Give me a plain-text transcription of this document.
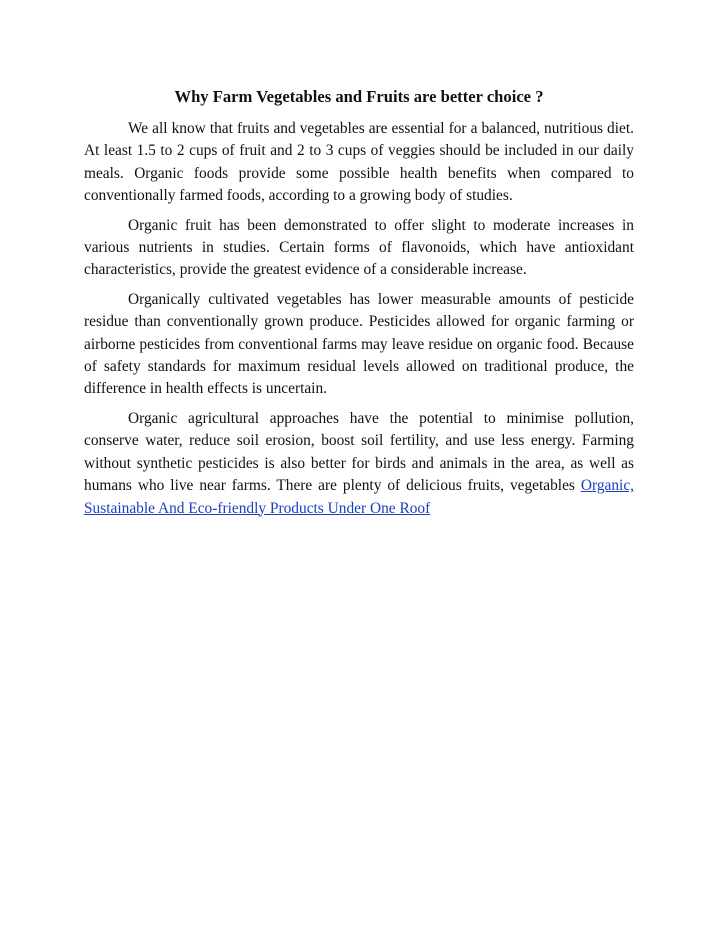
Why Farm Vegetables and Fruits are better choice ?

We all know that fruits and vegetables are essential for a balanced, nutritious diet. At least 1.5 to 2 cups of fruit and 2 to 3 cups of veggies should be included in our daily meals. Organic foods provide some possible health benefits when compared to conventionally farmed foods, according to a growing body of studies.

Organic fruit has been demonstrated to offer slight to moderate increases in various nutrients in studies. Certain forms of flavonoids, which have antioxidant characteristics, provide the greatest evidence of a considerable increase.

Organically cultivated vegetables has lower measurable amounts of pesticide residue than conventionally grown produce. Pesticides allowed for organic farming or airborne pesticides from conventional farms may leave residue on organic food. Because of safety standards for maximum residual levels allowed on traditional produce, the difference in health effects is uncertain.

Organic agricultural approaches have the potential to minimise pollution, conserve water, reduce soil erosion, boost soil fertility, and use less energy. Farming without synthetic pesticides is also better for birds and animals in the area, as well as humans who live near farms. There are plenty of delicious fruits, vegetables Organic, Sustainable And Eco-friendly Products Under One Roof
